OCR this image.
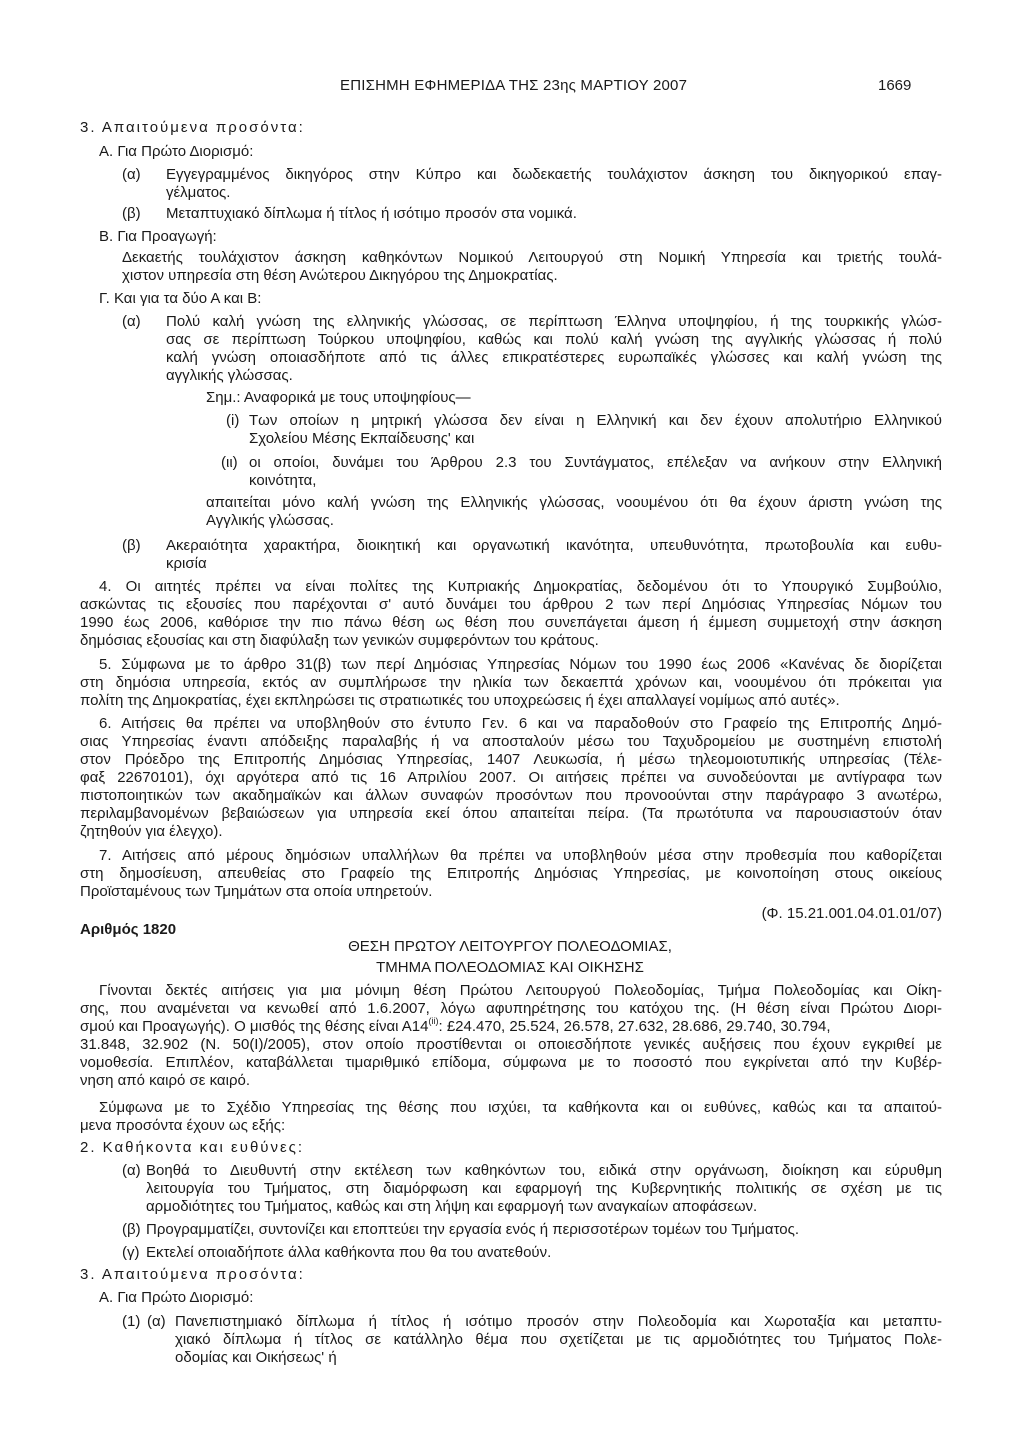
ΕΠΙΣΗΜΗ ΕΦΗΜΕΡΙΔΑ ΤΗΣ 23ης ΜΑΡΤΙΟΥ 2007	1669
3. Απαιτούμενα προσόντα:
Α. Για Πρώτο Διορισμό:
(α) Εγγεγραμμένος δικηγόρος στην Κύπρο και δωδεκαετής τουλάχιστον άσκηση του δικηγορικού επαγ-
γέλματος.
(β) Μεταπτυχιακό δίπλωμα ή τίτλος ή ισότιμο προσόν στα νομικά.
Β. Για Προαγωγή:
Δεκαετής τουλάχιστον άσκηση καθηκόντων Νομικού Λειτουργού στη Νομική Υπηρεσία και τριετής τουλά-
χιστον υπηρεσία στη θέση Ανώτερου Δικηγόρου της Δημοκρατίας.
Γ. Και για τα δύο Α και Β:
(α) Πολύ καλή γνώση της ελληνικής γλώσσας, σε περίπτωση Έλληνα υποψηφίου, ή της τουρκικής γλώσ-
σας σε περίπτωση Τούρκου υποψηφίου, καθώς και πολύ καλή γνώση της αγγλικής γλώσσας ή πολύ
καλή γνώση οποιασδήποτε από τις άλλες επικρατέστερες ευρωπαϊκές γλώσσες και καλή γνώση της
αγγλικής γλώσσας.
Σημ.: Αναφορικά με τους υποψηφίους—
(i) Των οποίων η μητρική γλώσσα δεν είναι η Ελληνική και δεν έχουν απολυτήριο Ελληνικού
Σχολείου Μέσης Εκπαίδευσης' και
(ιι) οι οποίοι, δυνάμει του Άρθρου 2.3 του Συντάγματος, επέλεξαν να ανήκουν στην Ελληνική
κοινότητα,
απαιτείται μόνο καλή γνώση της Ελληνικής γλώσσας, νοουμένου ότι θα έχουν άριστη γνώση της
Αγγλικής γλώσσας.
(β) Ακεραιότητα χαρακτήρα, διοικητική και οργανωτική ικανότητα, υπευθυνότητα, πρωτοβουλία και ευθυ-
κρισία
4. Οι αιτητές πρέπει να είναι πολίτες της Κυπριακής Δημοκρατίας, δεδομένου ότι το Υπουργικό Συμβούλιο,
ασκώντας τις εξουσίες που παρέχονται σ' αυτό δυνάμει του άρθρου 2 των περί Δημόσιας Υπηρεσίας Νόμων του
1990 έως 2006, καθόρισε την πιο πάνω θέση ως θέση που συνεπάγεται άμεση ή έμμεση συμμετοχή στην άσκηση
δημόσιας εξουσίας και στη διαφύλαξη των γενικών συμφερόντων του κράτους.
5. Σύμφωνα με το άρθρο 31(β) των περί Δημόσιας Υπηρεσίας Νόμων του 1990 έως 2006 «Κανένας δε διορίζεται
στη δημόσια υπηρεσία, εκτός αν συμπλήρωσε την ηλικία των δεκαεπτά χρόνων και, νοουμένου ότι πρόκειται για
πολίτη της Δημοκρατίας, έχει εκπληρώσει τις στρατιωτικές του υποχρεώσεις ή έχει απαλλαγεί νομίμως από αυτές».
6. Αιτήσεις θα πρέπει να υποβληθούν στο έντυπο Γεν. 6 και να παραδοθούν στο Γραφείο της Επιτροπής Δημό-
σιας Υπηρεσίας έναντι απόδειξης παραλαβής ή να αποσταλούν μέσω του Ταχυδρομείου με συστημένη επιστολή
στον Πρόεδρο της Επιτροπής Δημόσιας Υπηρεσίας, 1407 Λευκωσία, ή μέσω τηλεομοιοτυπικής υπηρεσίας (Τέλε-
φαξ 22670101), όχι αργότερα από τις 16 Απριλίου 2007. Οι αιτήσεις πρέπει να συνοδεύονται με αντίγραφα των
πιστοποιητικών των ακαδημαϊκών και άλλων συναφών προσόντων που προνοούνται στην παράγραφο 3 ανωτέρω,
περιλαμβανομένων βεβαιώσεων για υπηρεσία εκεί όπου απαιτείται πείρα. (Τα πρωτότυπα να παρουσιαστούν όταν
ζητηθούν για έλεγχο).
7. Αιτήσεις από μέρους δημόσιων υπαλλήλων θα πρέπει να υποβληθούν μέσα στην προθεσμία που καθορίζεται
στη δημοσίευση, απευθείας στο Γραφείο της Επιτροπής Δημόσιας Υπηρεσίας, με κοινοποίηση στους οικείους
Προϊσταμένους των Τμημάτων στα οποία υπηρετούν.
(Φ. 15.21.001.04.01.01/07)
Αριθμός 1820
ΘΕΣΗ ΠΡΩΤΟΥ ΛΕΙΤΟΥΡΓΟΥ ΠΟΛΕΟΔΟΜΙΑΣ,
ΤΜΗΜΑ ΠΟΛΕΟΔΟΜΙΑΣ ΚΑΙ ΟΙΚΗΣΗΣ
Γίνονται δεκτές αιτήσεις για μια μόνιμη θέση Πρώτου Λειτουργού Πολεοδομίας, Τμήμα Πολεοδομίας και Οίκη-
σης, που αναμένεται να κενωθεί από 1.6.2007, λόγω αφυπηρέτησης του κατόχου της. (Η θέση είναι Πρώτου Διορι-
σμού και Προαγωγής). Ο μισθός της θέσης είναι Α14 (ii) : £24.470, 25.524, 26.578, 27.632, 28.686, 29.740, 30.794,
31.848, 32.902 (Ν. 50(Ι)/2005), στον οποίο προστίθενται οι οποιεσδήποτε γενικές αυξήσεις που έχουν εγκριθεί με
νομοθεσία. Επιπλέον, καταβάλλεται τιμαριθμικό επίδομα, σύμφωνα με το ποσοστό που εγκρίνεται από την Κυβέρ-
νηση από καιρό σε καιρό.
Σύμφωνα με το Σχέδιο Υπηρεσίας της θέσης που ισχύει, τα καθήκοντα και οι ευθύνες, καθώς και τα απαιτού-
μενα προσόντα έχουν ως εξής:
2. Καθήκοντα και ευθύνες:
(α) Βοηθά το Διευθυντή στην εκτέλεση των καθηκόντων του, ειδικά στην οργάνωση, διοίκηση και εύρυθμη
λειτουργία του Τμήματος, στη διαμόρφωση και εφαρμογή της Κυβερνητικής πολιτικής σε σχέση με τις
αρμοδιότητες του Τμήματος, καθώς και στη λήψη και εφαρμογή των αναγκαίων αποφάσεων.
(β) Προγραμματίζει, συντονίζει και εποπτεύει την εργασία ενός ή περισσοτέρων τομέων του Τμήματος.
(γ) Εκτελεί οποιαδήποτε άλλα καθήκοντα που θα του ανατεθούν.
3. Απαιτούμενα προσόντα:
Α. Για Πρώτο Διορισμό:
(1) (α) Πανεπιστημιακό δίπλωμα ή τίτλος ή ισότιμο προσόν στην Πολεοδομία και Χωροταξία και μεταπτυ-
χιακό δίπλωμα ή τίτλος σε κατάλληλο θέμα που σχετίζεται με τις αρμοδιότητες του Τμήματος Πολε-
οδομίας και Οικήσεως' ή
